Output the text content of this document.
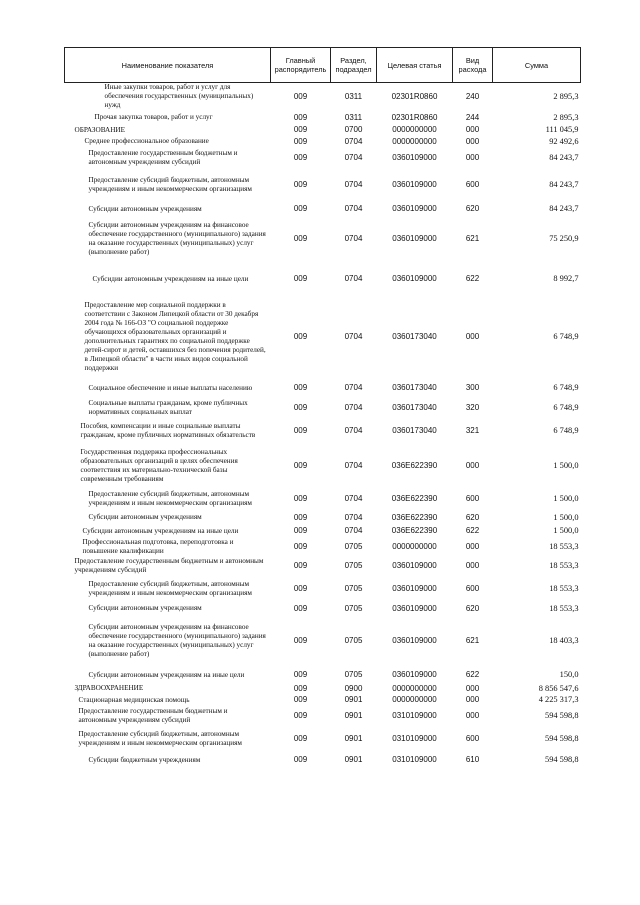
Наименование показателя	Главный распорядитель	Раздел, подраздел	Целевая статья	Вид расхода	Сумма
Иные закупки товаров, работ и услуг для обеспечения государственных (муниципальных) нужд	009	0311	02301R0860	240	2 895,3
Прочая закупка товаров, работ и услуг	009	0311	02301R0860	244	2 895,3
ОБРАЗОВАНИЕ	009	0700	0000000000	000	111 045,9
Среднее профессиональное образование	009	0704	0000000000	000	92 492,6
Предоставление государственным бюджетным и автономным учреждениям субсидий	009	0704	0360109000	000	84 243,7
Предоставление субсидий бюджетным, автономным учреждениям и иным некоммерческим организациям	009	0704	0360109000	600	84 243,7
Субсидии автономным учреждениям	009	0704	0360109000	620	84 243,7
Субсидии автономным учреждениям на финансовое обеспечение государственного (муниципального) задания на оказание государственных (муниципальных) услуг (выполнение работ)	009	0704	0360109000	621	75 250,9
Субсидии автономным учреждениям на иные цели	009	0704	0360109000	622	8 992,7
Предоставление мер социальной поддержки в соответствии с Законом Липецкой области от 30 декабря 2004 года № 166-ОЗ "О социальной поддержке обучающихся образовательных организаций и дополнительных гарантиях по социальной поддержке детей-сирот и детей, оставшихся без попечения родителей, в Липецкой области" в части иных видов социальной поддержки	009	0704	0360173040	000	6 748,9
Социальное обеспечение и иные выплаты населению	009	0704	0360173040	300	6 748,9
Социальные выплаты гражданам, кроме публичных нормативных социальных выплат	009	0704	0360173040	320	6 748,9
Пособия, компенсации и иные социальные выплаты гражданам, кроме публичных нормативных обязательств	009	0704	0360173040	321	6 748,9
Государственная поддержка профессиональных образовательных организаций в целях обеспечения соответствия их материально-технической базы современным требованиям	009	0704	036E622390	000	1 500,0
Предоставление субсидий бюджетным, автономным учреждениям и иным некоммерческим организациям	009	0704	036E622390	600	1 500,0
Субсидии автономным учреждениям	009	0704	036E622390	620	1 500,0
Субсидии автономным учреждениям на иные цели	009	0704	036E622390	622	1 500,0
Профессиональная подготовка, переподготовка и повышение квалификации	009	0705	0000000000	000	18 553,3
Предоставление государственным бюджетным и автономным учреждениям субсидий	009	0705	0360109000	000	18 553,3
Предоставление субсидий бюджетным, автономным учреждениям и иным некоммерческим организациям	009	0705	0360109000	600	18 553,3
Субсидии автономным учреждениям	009	0705	0360109000	620	18 553,3
Субсидии автономным учреждениям на финансовое обеспечение государственного (муниципального) задания на оказание государственных (муниципальных) услуг (выполнение работ)	009	0705	0360109000	621	18 403,3
Субсидии автономным учреждениям на иные цели	009	0705	0360109000	622	150,0
ЗДРАВООХРАНЕНИЕ	009	0900	0000000000	000	8 856 547,6
Стационарная медицинская помощь	009	0901	0000000000	000	4 225 317,3
Предоставление государственным бюджетным и автономным учреждениям субсидий	009	0901	0310109000	000	594 598,8
Предоставление субсидий бюджетным, автономным учреждениям и иным некоммерческим организациям	009	0901	0310109000	600	594 598,8
Субсидии бюджетным учреждениям	009	0901	0310109000	610	594 598,8
